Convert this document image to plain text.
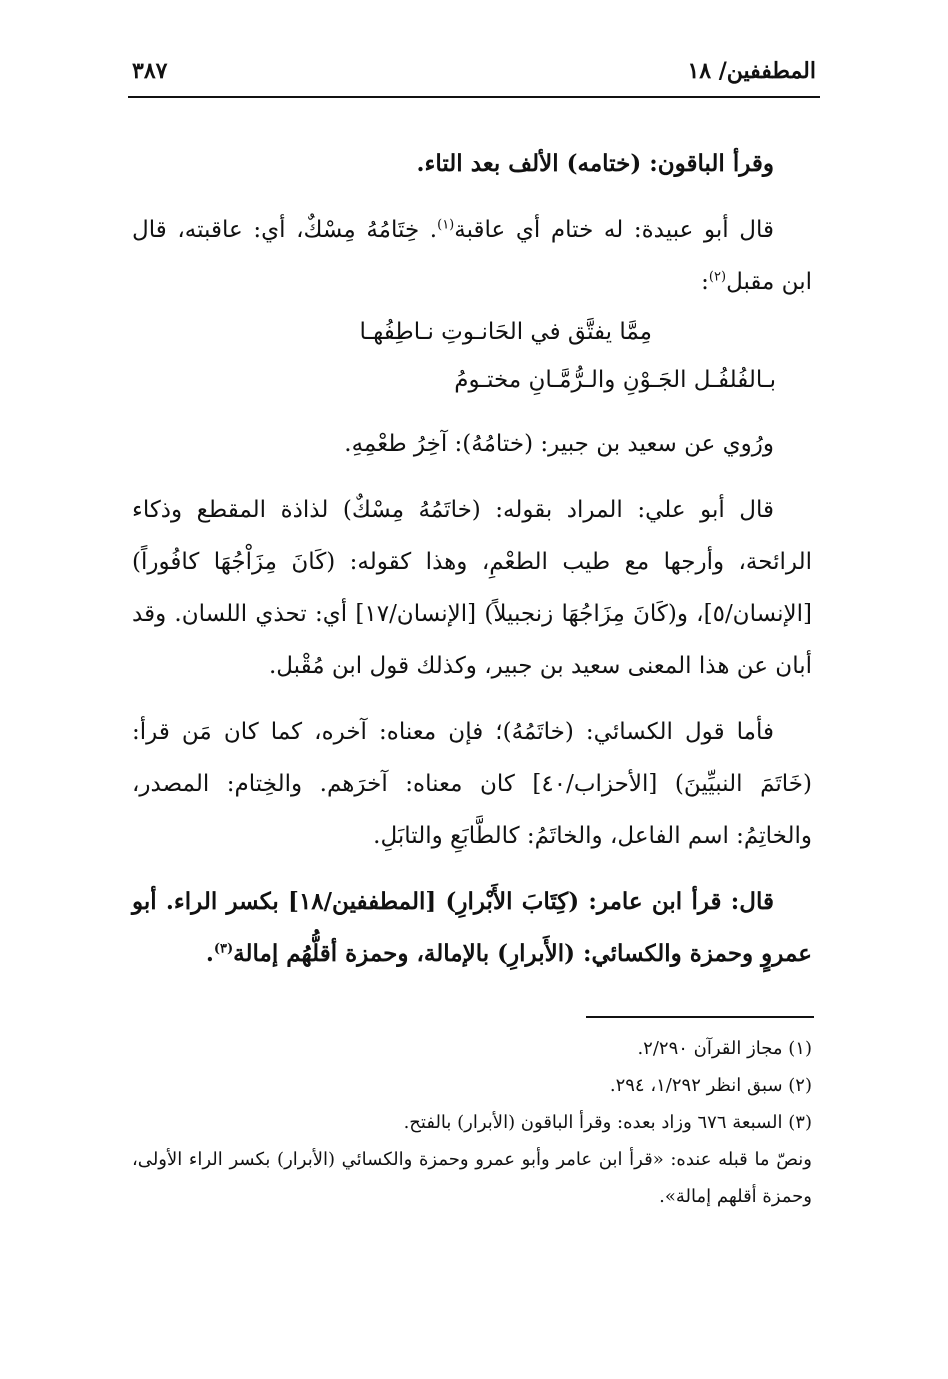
المطففين/ ١٨
٣٨٧

وقرأ الباقون: (ختامه) الألف بعد التاء.

قال أبو عبيدة: له ختام أي عاقبة$^{(١)}$. خِتَامُهُ مِسْكٌ، أي: عاقبته، قال ابن مقبل$^{(٢)}$:

مِمَّا يفتَّق في الحَانـوتِ نـاطِفُهـا

بـالفُلفُـل الجَـوْنِ والـرُّمَّـانِ مختـومُ

ورُوي عن سعيد بن جبير: (ختامُهُ): آخِرُ طعْمِهِ.

قال أبو علي: المراد بقوله: (خاتَمُهُ مِسْكٌ) لذاذة المقطع وذكاء الرائحة، وأرجها مع طيب الطعْمِ، وهذا كقوله: (كَانَ مِزَاْجُهَا كافُوراً) [الإنسان/٥]، و(كَانَ مِزَاجُهَا زنجبيلاً) [الإنسان/١٧] أي: تحذي اللسان. وقد أبان عن هذا المعنى سعيد بن جبير، وكذلك قول ابن مُقْبل.

فأما قول الكسائي: (خاتَمُهُ)؛ فإن معناه: آخره، كما كان مَن قرأ: (خَاتَمَ النبيِّينَ) [الأحزاب/٤٠] كان معناه: آخرَهم. والخِتام: المصدر، والخاتِمُ: اسم الفاعل، والخاتَمُ: كالطَّابَعِ والتابَلِ.

قال: قرأ ابن عامر: (كِتَابَ الأَبْرارِ) [المطففين/١٨] بكسر الراء. أبو عمروٍ وحمزة والكسائي: (الأَبرارِ) بالإمالة، وحمزة أقلُّهُم إمالة$^{(٣)}$.

(١) مجاز القرآن ٢/٢٩٠.

(٢) سبق انظر ١/٢٩٢، ٢٩٤.

(٣) السبعة ٦٧٦ وزاد بعده: وقرأ الباقون (الأبرار) بالفتح.

ونصّ ما قبله عنده: «قرأ ابن عامر وأبو عمرو وحمزة والكسائي (الأبرار) بكسر الراء الأولى، وحمزة أقلهم إمالة».
